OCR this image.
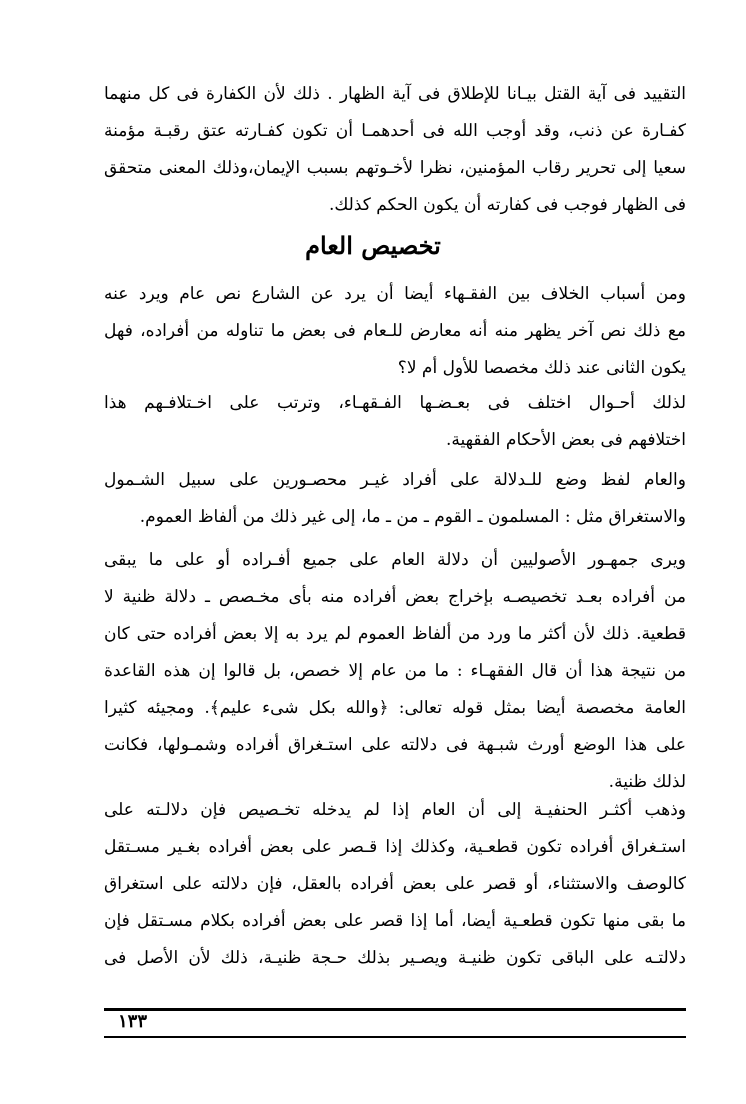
التقييد فى آية القتل بيـانا للإطلاق فى آية الظهار . ذلك لأن الكفارة فى كل منهما
كفـارة عن ذنب، وقد أوجب الله فى أحدهمـا أن تكون كفـارته عتق رقبـة مؤمنة
سعيا إلى تحرير رقاب المؤمنين، نظرا لأخـوتهم بسبب الإيمان،وذلك المعنى متحقق
فى الظهار فوجب فى كفارته أن يكون الحكم كذلك.
تخصيص العام
ومن أسباب الخلاف بين الفقـهاء أيضا أن يرد عن الشارع نص عام ويرد عنه
مع ذلك نص آخر يظهر منه أنه معارض للـعام فى بعض ما تناوله من أفراده، فهل
يكون الثانى عند ذلك مخصصا للأول أم لا؟
لذلك أحـوال اختلف فى بعـضـها الفـقهـاء، وترتب على اخـتلافـهم هذا
اختلافهم فى بعض الأحكام الفقهية.
والعام لفظ وضع للـدلالة على أفراد غيـر محصـورين على سبيل الشـمول
والاستغراق مثل : المسلمون ـ القوم ـ من ـ ما، إلى غير ذلك من ألفاظ العموم.
ويرى جمهـور الأصوليين أن دلالة العام على جميع أفـراده أو على ما يبقى
من أفراده بعـد تخصيصـه بإخراج بعض أفراده منه بأى مخـصص ـ دلالة ظنية لا
قطعية. ذلك لأن أكثر ما ورد من ألفاظ العموم لم يرد به إلا بعض أفراده حتى كان
من نتيجة هذا أن قال الفقهـاء : ما من عام إلا خصص، بل قالوا إن هذه القاعدة
العامة مخصصة أيضا بمثل قوله تعالى: ﴿والله بكل شىء عليم﴾. ومجيئه كثيرا
على هذا الوضع أورث شبـهة فى دلالته على استـغراق أفراده وشمـولها، فكانت
لذلك ظنية.
وذهب أكثـر الحنفيـة إلى أن العام إذا لم يدخله تخـصيص فإن دلالـته على
استـغراق أفراده تكون قطعـية، وكذلك إذا قـصر على بعض أفراده بغـير مسـتقل
كالوصف والاستثناء، أو قصر على بعض أفراده بالعقل، فإن دلالته على استغراق
ما بقى منها تكون قطعـية أيضا، أما إذا قصر على بعض أفراده بكلام مسـتقل فإن
دلالتـه على الباقى تكون ظنيـة ويصـير بذلك حـجة ظنيـة، ذلك لأن الأصل فى
١٣٣
